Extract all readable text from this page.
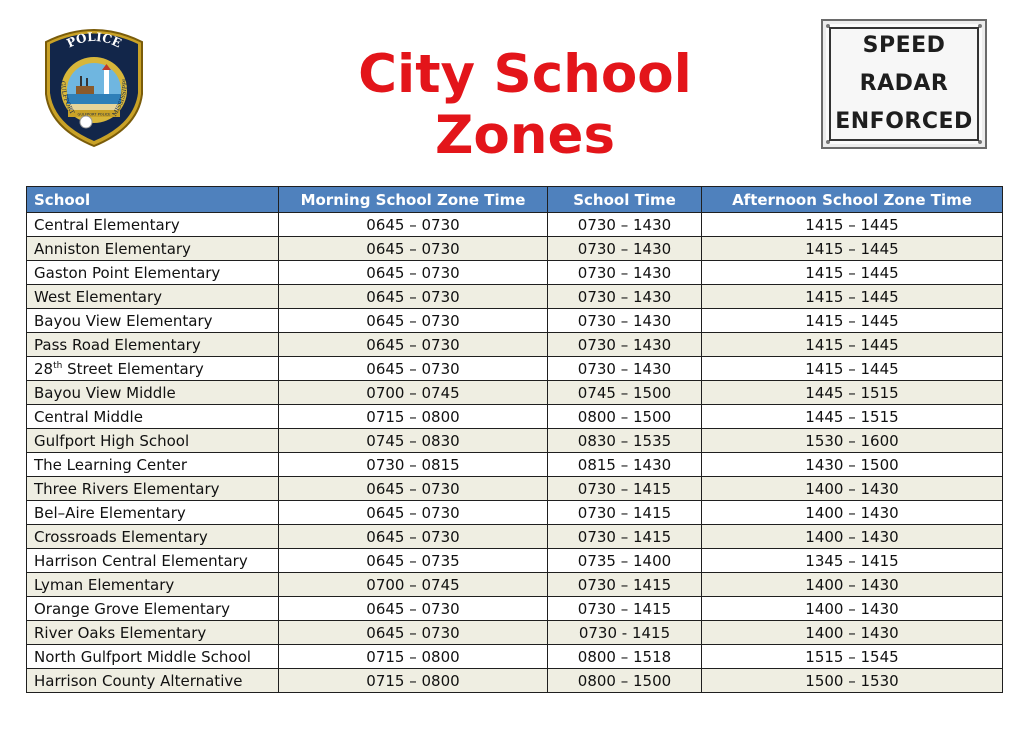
POLICE
GULFPORT	MISSISSIPPI
GULFPORT POLICE
City School Zones
SPEED
RADAR
ENFORCED
School	Morning School Zone Time	School Time	Afternoon School Zone Time
Central Elementary	0645 – 0730	0730 – 1430	1415 – 1445
Anniston Elementary	0645 – 0730	0730 – 1430	1415 – 1445
Gaston Point Elementary	0645 – 0730	0730 – 1430	1415 – 1445
West Elementary	0645 – 0730	0730 – 1430	1415 – 1445
Bayou View Elementary	0645 – 0730	0730 – 1430	1415 – 1445
Pass Road Elementary	0645 – 0730	0730 – 1430	1415 – 1445
28th Street Elementary	0645 – 0730	0730 – 1430	1415 – 1445
Bayou View Middle	0700 – 0745	0745 – 1500	1445 – 1515
Central Middle	0715 – 0800	0800 – 1500	1445 – 1515
Gulfport High School	0745 – 0830	0830 – 1535	1530 – 1600
The Learning Center	0730 – 0815	0815 – 1430	1430 – 1500
Three Rivers Elementary	0645 – 0730	0730 – 1415	1400 – 1430
Bel–Aire Elementary	0645 – 0730	0730 – 1415	1400 – 1430
Crossroads Elementary	0645 – 0730	0730 – 1415	1400 – 1430
Harrison Central Elementary	0645 – 0735	0735 – 1400	1345 – 1415
Lyman Elementary	0700 – 0745	0730 – 1415	1400 – 1430
Orange Grove Elementary	0645 – 0730	0730 – 1415	1400 – 1430
River Oaks Elementary	0645 – 0730	0730 - 1415	1400 – 1430
North Gulfport Middle School	0715 – 0800	0800 – 1518	1515 – 1545
Harrison County Alternative	0715 – 0800	0800 – 1500	1500 – 1530
